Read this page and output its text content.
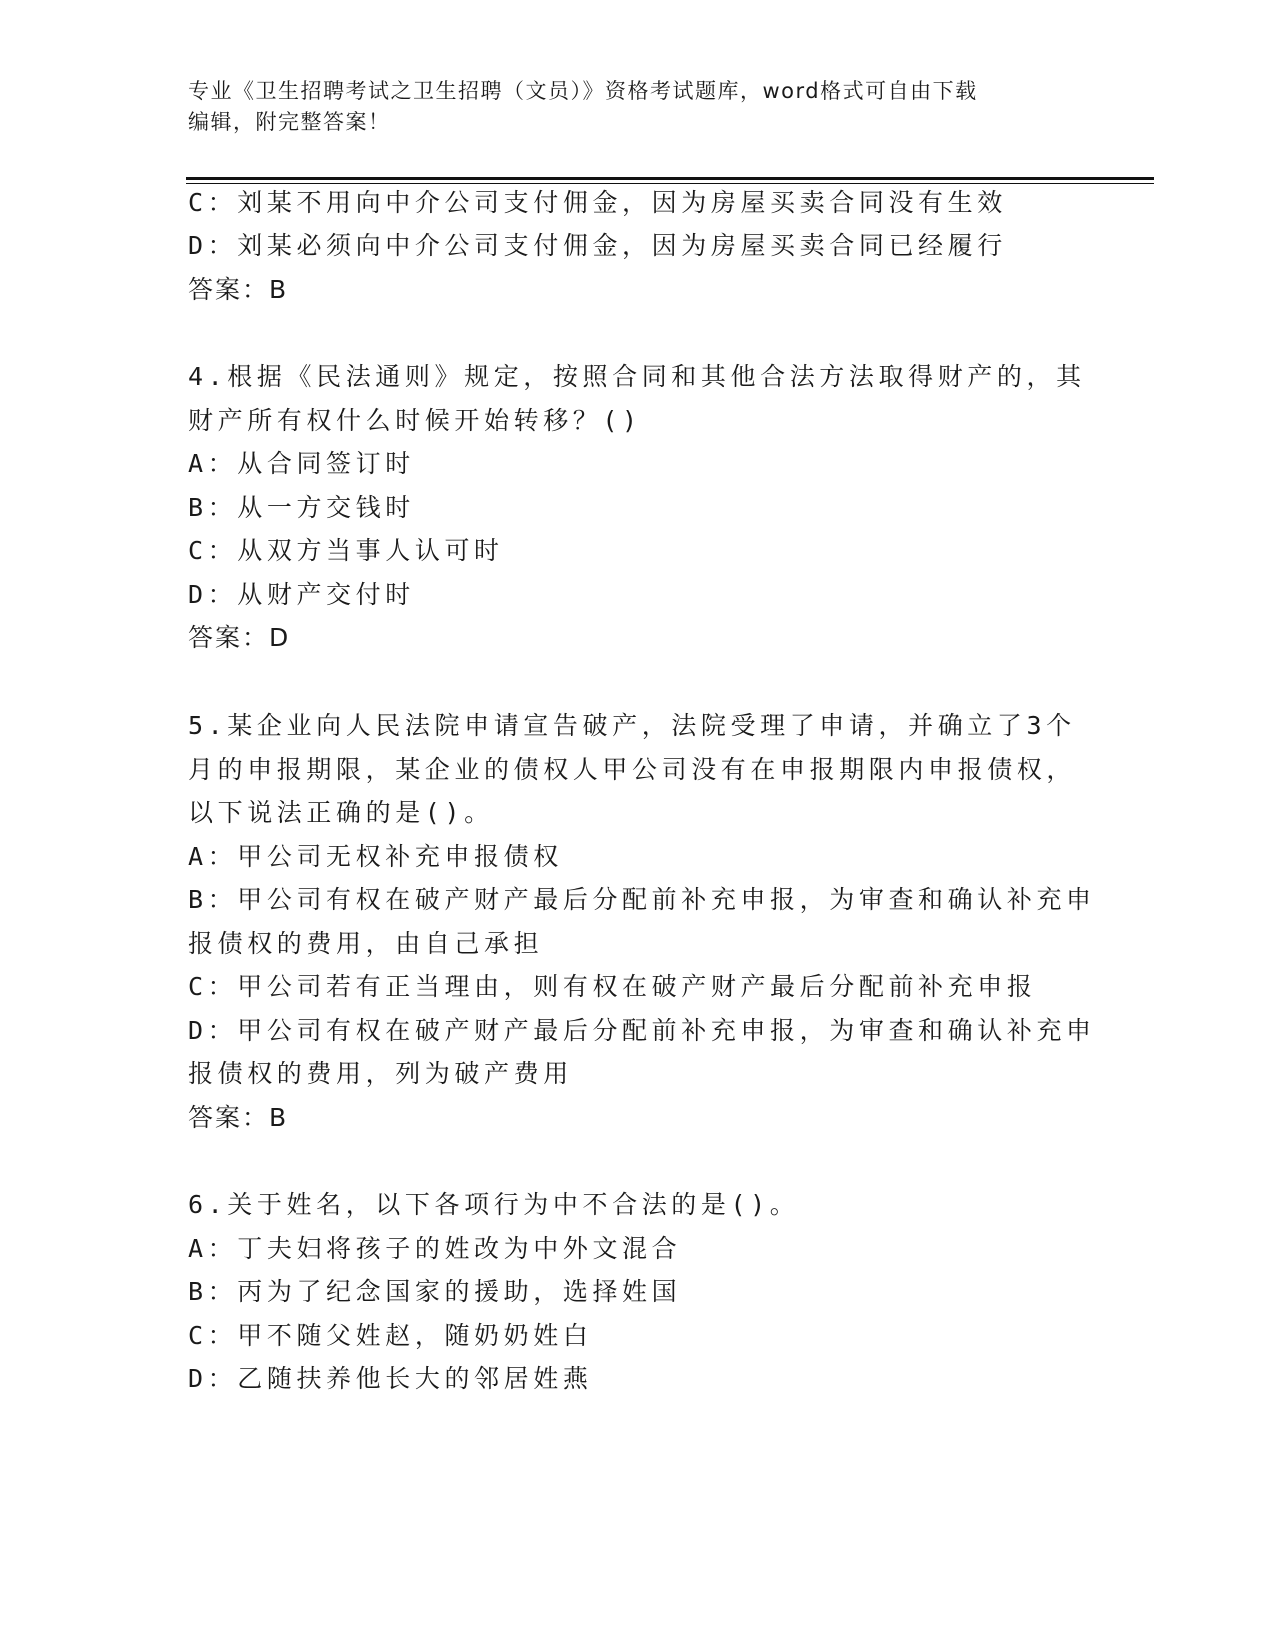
专业《卫生招聘考试之卫生招聘（文员）》资格考试题库，word格式可自由下载
编辑，附完整答案！
C：刘某不用向中介公司支付佣金，因为房屋买卖合同没有生效
D：刘某必须向中介公司支付佣金，因为房屋买卖合同已经履行
答案：B
4.根据《民法通则》规定，按照合同和其他合法方法取得财产的，其
财产所有权什么时候开始转移？()
A：从合同签订时
B：从一方交钱时
C：从双方当事人认可时
D：从财产交付时
答案：D
5.某企业向人民法院申请宣告破产，法院受理了申请，并确立了3个
月的申报期限，某企业的债权人甲公司没有在申报期限内申报债权，
以下说法正确的是()。
A：甲公司无权补充申报债权
B：甲公司有权在破产财产最后分配前补充申报，为审查和确认补充申
报债权的费用，由自己承担
C：甲公司若有正当理由，则有权在破产财产最后分配前补充申报
D：甲公司有权在破产财产最后分配前补充申报，为审查和确认补充申
报债权的费用，列为破产费用
答案：B
6.关于姓名，以下各项行为中不合法的是()。
A：丁夫妇将孩子的姓改为中外文混合
B：丙为了纪念国家的援助，选择姓国
C：甲不随父姓赵，随奶奶姓白
D：乙随扶养他长大的邻居姓燕
